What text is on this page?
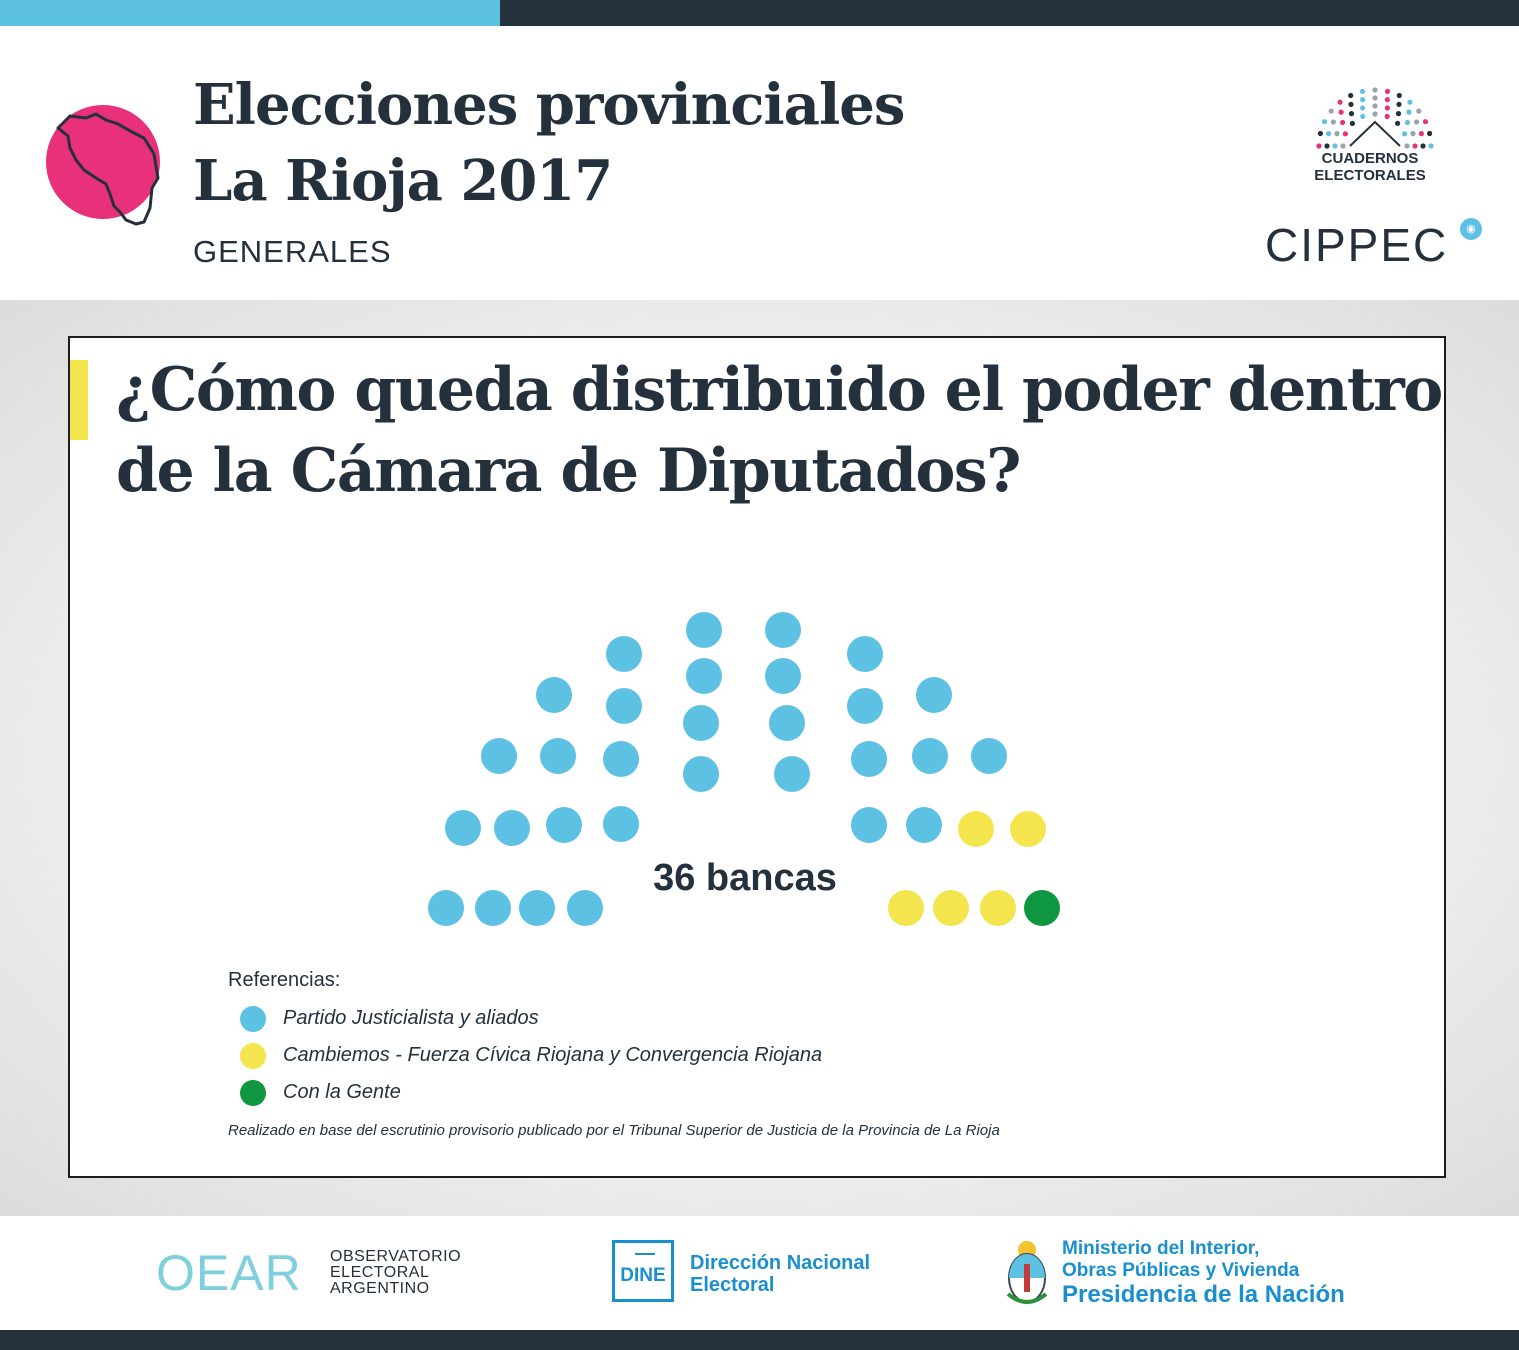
Elecciones provinciales
La Rioja 2017
GENERALES
CUADERNOS
ELECTORALES
CIPPEC	◉
¿Cómo queda distribuido el poder dentro
de la Cámara de Diputados?
36 bancas
Referencias:
Partido Justicialista y aliados
Cambiemos - Fuerza Cívica Riojana y Convergencia Riojana
Con la Gente
Realizado en base del escrutinio provisorio publicado por el Tribunal Superior de Justicia de la Provincia de La Rioja
OEAR OBSERVATORIO
ELECTORAL
ARGENTINO
DINE
Dirección Nacional
Electoral
Ministerio del Interior,
Obras Públicas y Vivienda
Presidencia de la Nación
